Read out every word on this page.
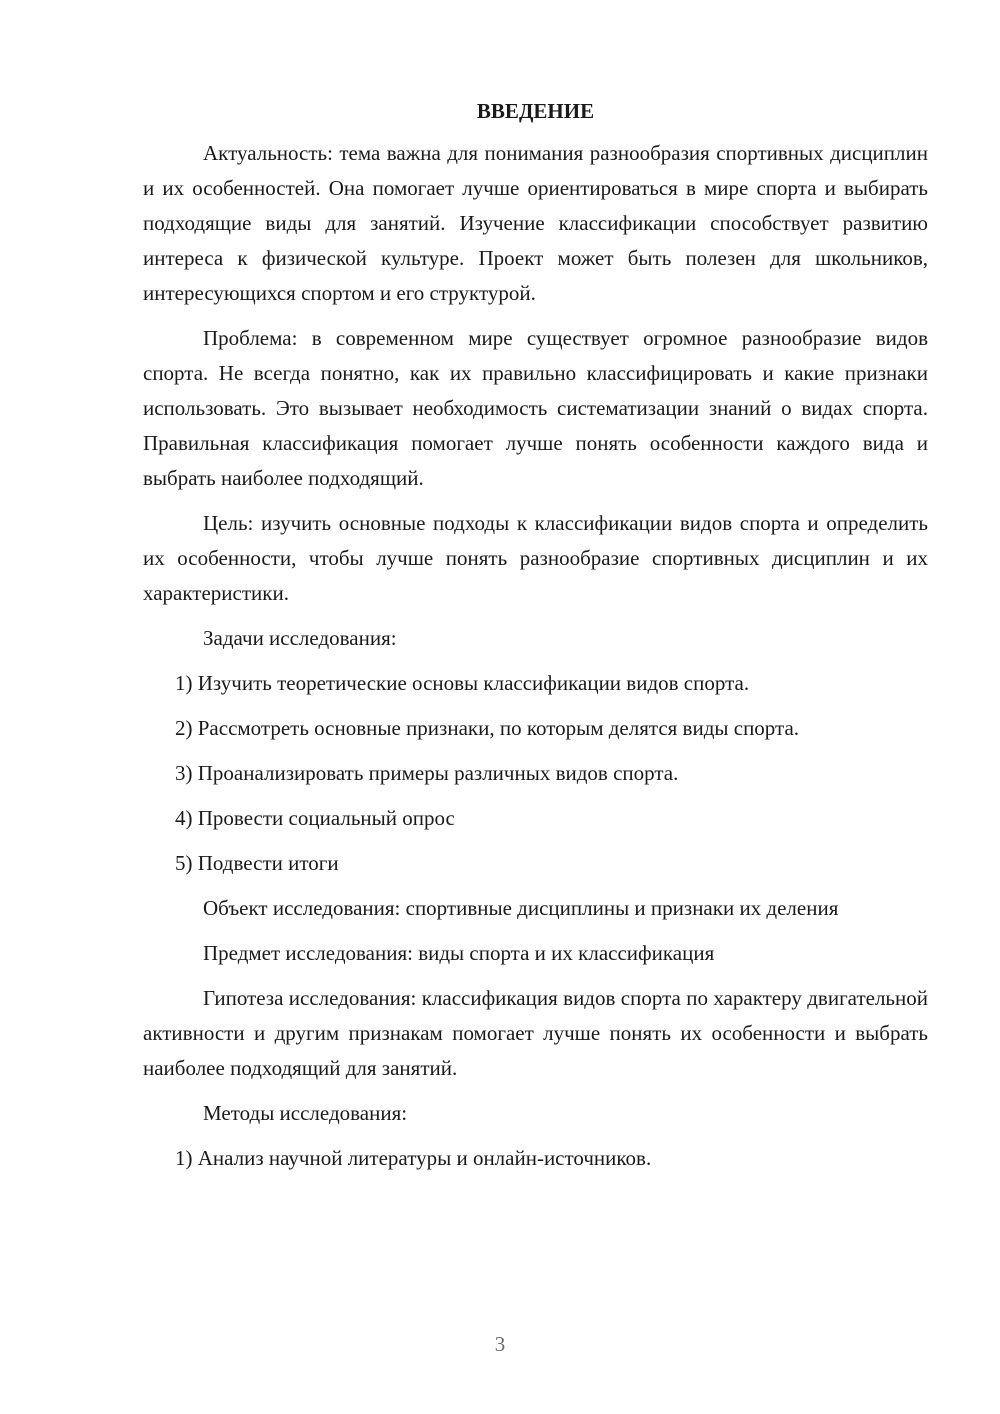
ВВЕДЕНИЕ

Актуальность: тема важна для понимания разнообразия спортивных дисциплин и их особенностей. Она помогает лучше ориентироваться в мире спорта и выбирать подходящие виды для занятий. Изучение классификации способствует развитию интереса к физической культуре. Проект может быть полезен для школьников, интересующихся спортом и его структурой.

Проблема: в современном мире существует огромное разнообразие видов спорта. Не всегда понятно, как их правильно классифицировать и какие признаки использовать. Это вызывает необходимость систематизации знаний о видах спорта. Правильная классификация помогает лучше понять особенности каждого вида и выбрать наиболее подходящий.

Цель: изучить основные подходы к классификации видов спорта и определить их особенности, чтобы лучше понять разнообразие спортивных дисциплин и их характеристики.

Задачи исследования:

1) Изучить теоретические основы классификации видов спорта.

2) Рассмотреть основные признаки, по которым делятся виды спорта.

3) Проанализировать примеры различных видов спорта.

4) Провести социальный опрос

5) Подвести итоги

Объект исследования: спортивные дисциплины и признаки их деления

Предмет исследования: виды спорта и их классификация

Гипотеза исследования: классификация видов спорта по характеру двигательной активности и другим признакам помогает лучше понять их особенности и выбрать наиболее подходящий для занятий.

Методы исследования:

1) Анализ научной литературы и онлайн-источников.

3
